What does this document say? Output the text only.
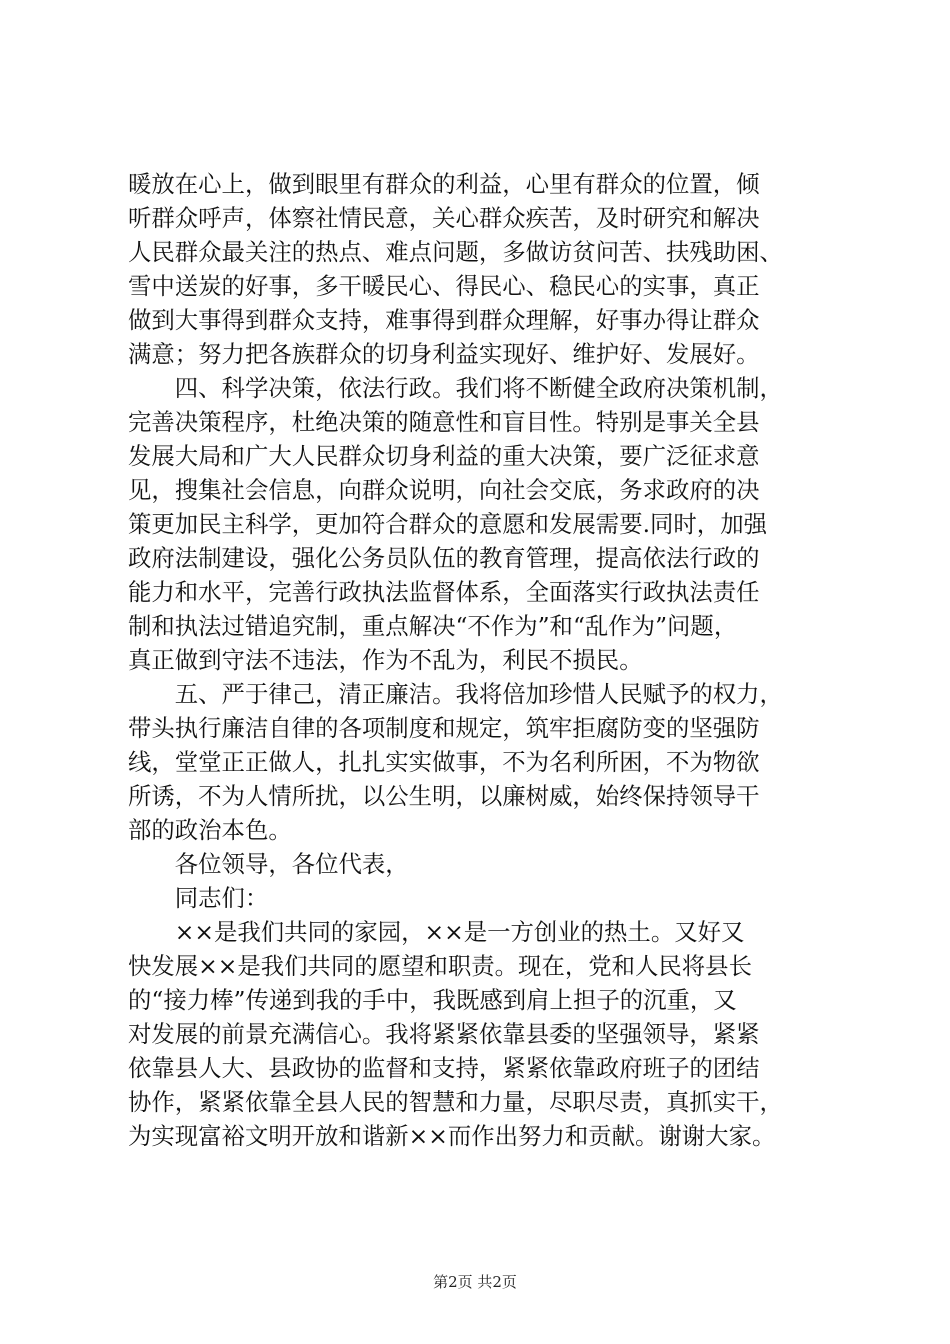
暖放在心上，做到眼里有群众的利益，心里有群众的位置，倾
听群众呼声，体察社情民意，关心群众疾苦，及时研究和解决
人民群众最关注的热点、难点问题，多做访贫问苦、扶残助困、
雪中送炭的好事，多干暖民心、得民心、稳民心的实事，真正
做到大事得到群众支持，难事得到群众理解，好事办得让群众
满意；努力把各族群众的切身利益实现好、维护好、发展好。
　　四、科学决策，依法行政。我们将不断健全政府决策机制，
完善决策程序，杜绝决策的随意性和盲目性。特别是事关全县
发展大局和广大人民群众切身利益的重大决策，要广泛征求意
见，搜集社会信息，向群众说明，向社会交底，务求政府的决
策更加民主科学，更加符合群众的意愿和发展需要.同时，加强
政府法制建设，强化公务员队伍的教育管理，提高依法行政的
能力和水平，完善行政执法监督体系，全面落实行政执法责任
制和执法过错追究制，重点解决“不作为”和“乱作为”问题，
真正做到守法不违法，作为不乱为，利民不损民。
　　五、严于律己，清正廉洁。我将倍加珍惜人民赋予的权力，
带头执行廉洁自律的各项制度和规定，筑牢拒腐防变的坚强防
线，堂堂正正做人，扎扎实实做事，不为名利所困，不为物欲
所诱，不为人情所扰，以公生明，以廉树威，始终保持领导干
部的政治本色。
　　各位领导，各位代表，
　　同志们：
　　××是我们共同的家园，××是一方创业的热土。又好又
快发展××是我们共同的愿望和职责。现在，党和人民将县长
的“接力棒”传递到我的手中，我既感到肩上担子的沉重，又
对发展的前景充满信心。我将紧紧依靠县委的坚强领导，紧紧
依靠县人大、县政协的监督和支持，紧紧依靠政府班子的团结
协作，紧紧依靠全县人民的智慧和力量，尽职尽责，真抓实干，
为实现富裕文明开放和谐新××而作出努力和贡献。谢谢大家。
第2页 共2页
